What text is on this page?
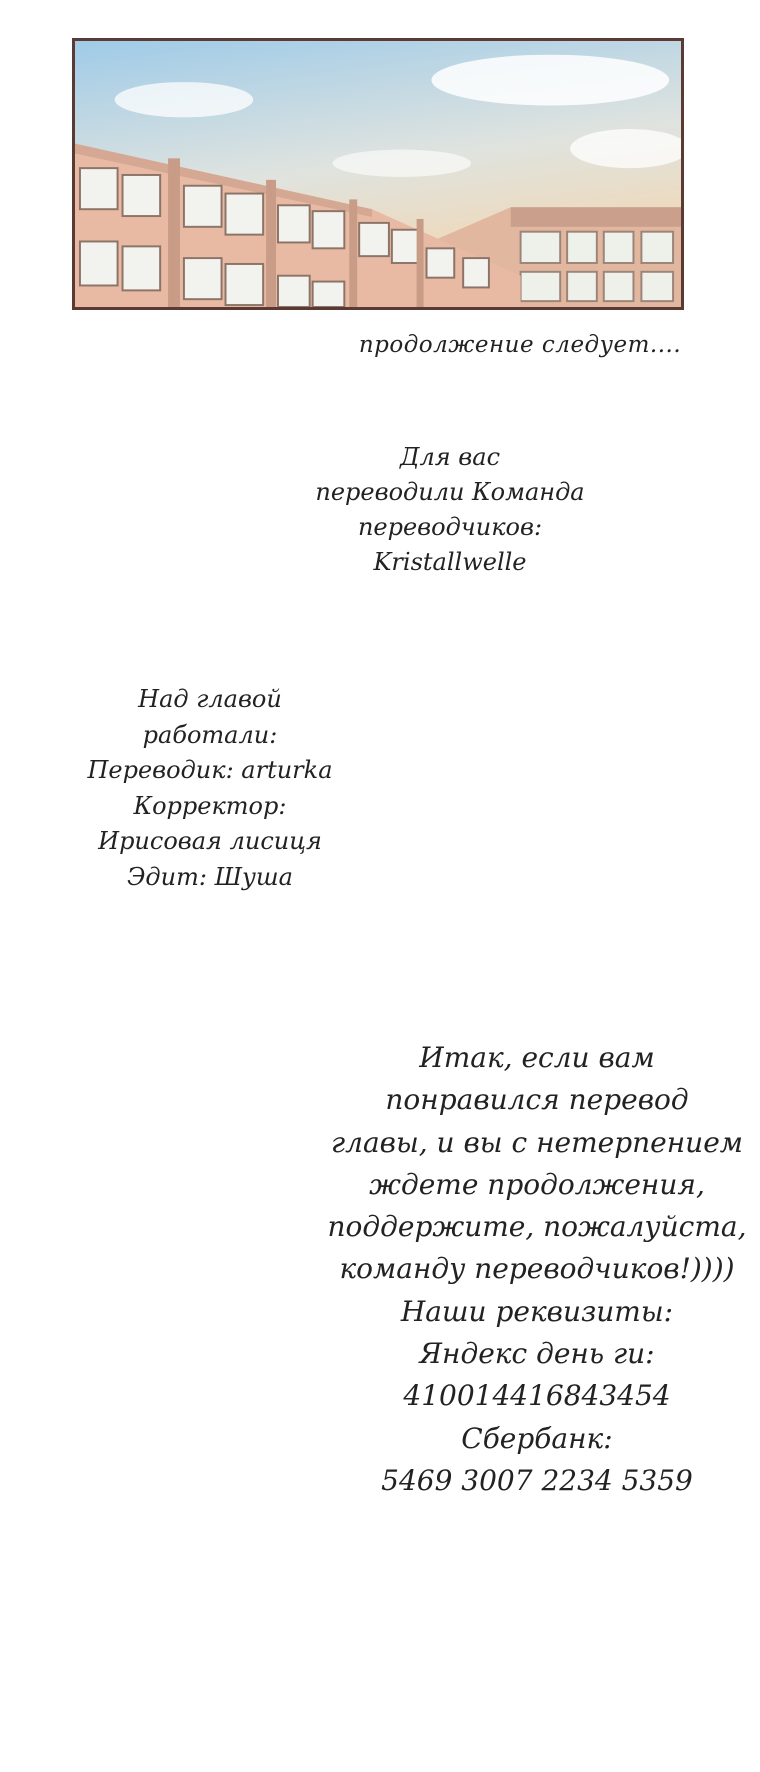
продолжение следует....
Для вас
переводили Команда
переводчиков:
Kristallwelle
Над главой
работали:
Переводик: arturka
Корректор:
Ирисовая лисиця
Эдит: Шуша
Итак, если вам
понравился перевод
главы, и вы с нетерпением
ждете продолжения,
поддержите, пожалуйста,
команду переводчиков!))))
Наши реквизиты:
Яндекс день ги:
410014416843454
Сбербанк:
5469 3007 2234 5359
